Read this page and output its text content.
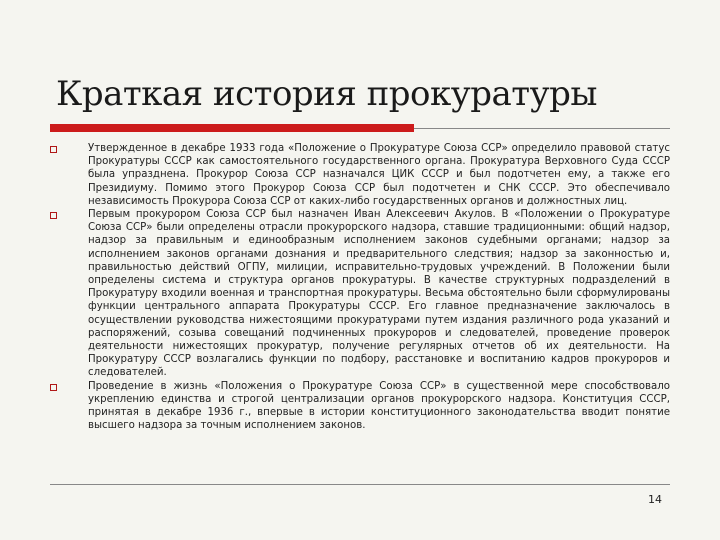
Краткая история прокуратуры
Утвержденное в декабре 1933 года «Положение о Прокуратуре Союза ССР» определило правовой статус Прокуратуры СССР как самостоятельного государственного органа. Прокуратура Верховного Суда СССР была упразднена. Прокурор Союза ССР назначался ЦИК СССР и был подотчетен ему, а также его Президиуму. Помимо этого Прокурор Союза ССР был подотчетен и СНК СССР. Это обеспечивало независимость Прокурора Союза ССР от каких-либо государственных органов и должностных лиц.
Первым прокурором Союза ССР был назначен Иван Алексеевич Акулов. В «Положении о Прокуратуре Союза ССР» были определены отрасли прокурорского надзора, ставшие традиционными: общий надзор, надзор за правильным и единообразным исполнением законов судебными органами; надзор за исполнением законов органами дознания и предварительного следствия; надзор за законностью и, правильностью действий ОГПУ, милиции, исправительно-трудовых учреждений. В Положении были определены система и структура органов прокуратуры. В качестве структурных подразделений в Прокуратуру входили военная и транспортная прокуратуры. Весьма обстоятельно были сформулированы функции центрального аппарата Прокуратуры СССР. Его главное предназначение заключалось в осуществлении руководства нижестоящими прокуратурами путем издания различного рода указаний и распоряжений, созыва совещаний подчиненных прокуроров и следователей, проведение проверок деятельности нижестоящих прокуратур, получение регулярных отчетов об их деятельности. На Прокуратуру СССР возлагались функции по подбору, расстановке и воспитанию кадров прокуроров и следователей.
Проведение в жизнь «Положения о Прокуратуре Союза ССР» в существенной мере способствовало укреплению единства и строгой централизации органов прокурорского надзора. Конституция СССР, принятая в декабре 1936 г., впервые в истории конституционного законодательства вводит понятие высшего надзора за точным исполнением законов.
14
